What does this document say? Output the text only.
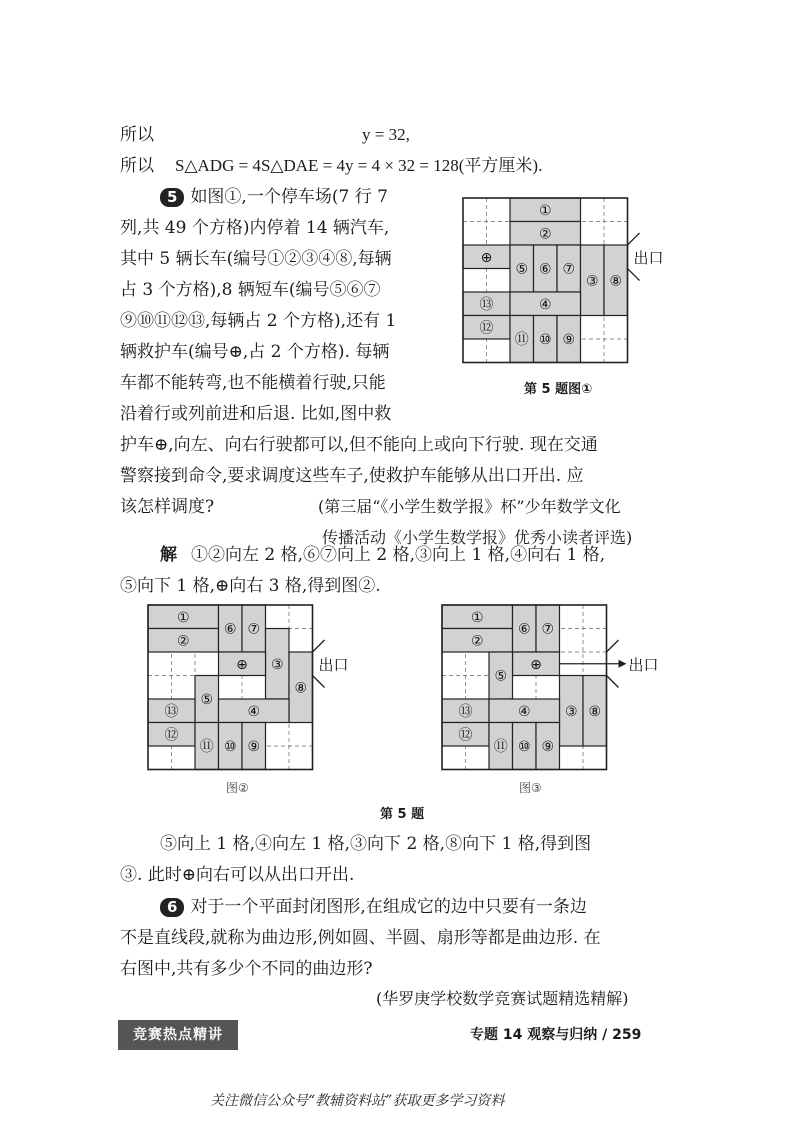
所以	y = 32,
所以 S△ADG = 4S△DAE = 4y = 4 × 32 = 128(平方厘米).
5 如图①,一个停车场(7 行 7
列,共 49 个方格)内停着 14 辆汽车,
其中 5 辆长车(编号①②③④⑧,每辆
占 3 个方格),8 辆短车(编号⑤⑥⑦
⑨⑩⑪⑫⑬,每辆占 2 个方格),还有 1
辆救护车(编号⊕,占 2 个方格). 每辆
车都不能转弯,也不能横着行驶,只能
沿着行或列前进和后退. 比如,图中救
护车⊕,向左、向右行驶都可以,但不能向上或向下行驶. 现在交通
警察接到命令,要求调度这些车子,使救护车能够从出口开出. 应
该怎样调度?	(第三届“《小学生数学报》杯”少年数学文化
传播活动《小学生数学报》优秀小读者评选)
①
②
⊕
⑤ ⑥ ⑦
③ ⑧
⑬	④
⑫
⑪ ⑩ ⑨
出口
第 5 题图①
解 ①②向左 2 格,⑥⑦向上 2 格,③向上 1 格,④向右 1 格,
⑤向下 1 格,⊕向右 3 格,得到图②.
①
②
⑥ ⑦
③
⑧
⊕
⑤
⑬	④
⑫
⑪ ⑩ ⑨
出口
①
②
⑥ ⑦
⊕
⑤
③ ⑧
⑬	④
⑫
⑪ ⑩ ⑨
出口
图②	图③
第 5 题
⑤向上 1 格,④向左 1 格,③向下 2 格,⑧向下 1 格,得到图
③. 此时⊕向右可以从出口开出.
6 对于一个平面封闭图形,在组成它的边中只要有一条边
不是直线段,就称为曲边形,例如圆、半圆、扇形等都是曲边形. 在
右图中,共有多少个不同的曲边形?
(华罗庚学校数学竞赛试题精选精解)
竞赛热点精讲	专题 14 观察与归纳 / 259
关注微信公众号“教辅资料站”获取更多学习资料
